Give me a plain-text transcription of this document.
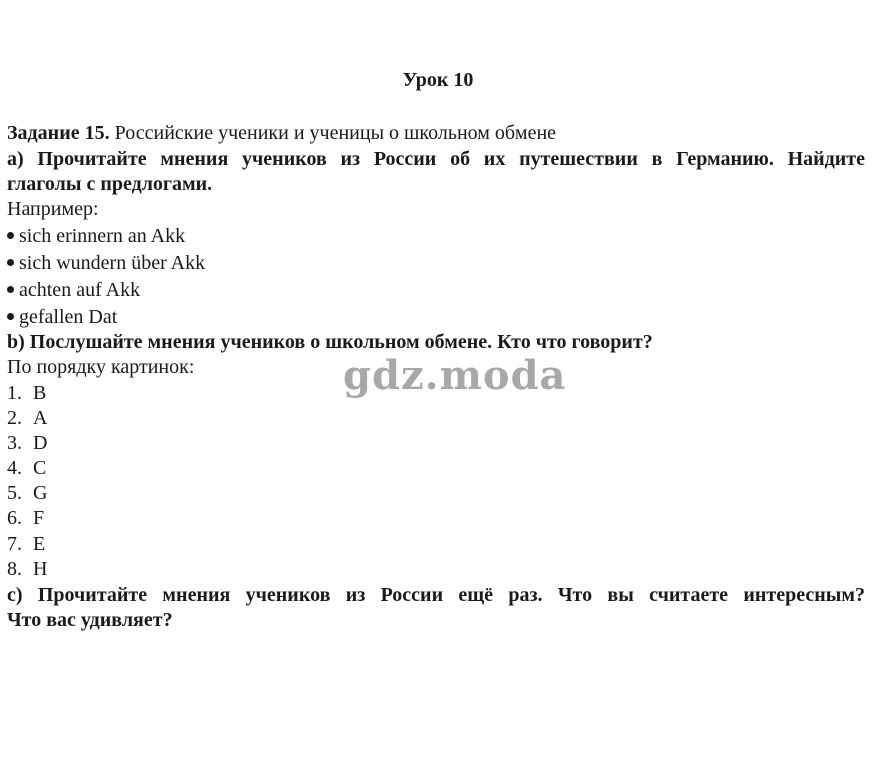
Урок 10
Задание 15. Российские ученики и ученицы о школьном обмене
a) Прочитайте мнения учеников из России об их путешествии в Германию. Найдите
глаголы с предлогами.
Например:
sich erinnern an Akk
sich wundern über Akk
achten auf Akk
gefallen Dat
b) Послушайте мнения учеников о школьном обмене. Кто что говорит?
По порядку картинок:
1. B
2. A
3. D
4. C
5. G
6. F
7. E
8. H
c) Прочитайте мнения учеников из России ещё раз. Что вы считаете интересным?
Что вас удивляет?
gdz.moda
